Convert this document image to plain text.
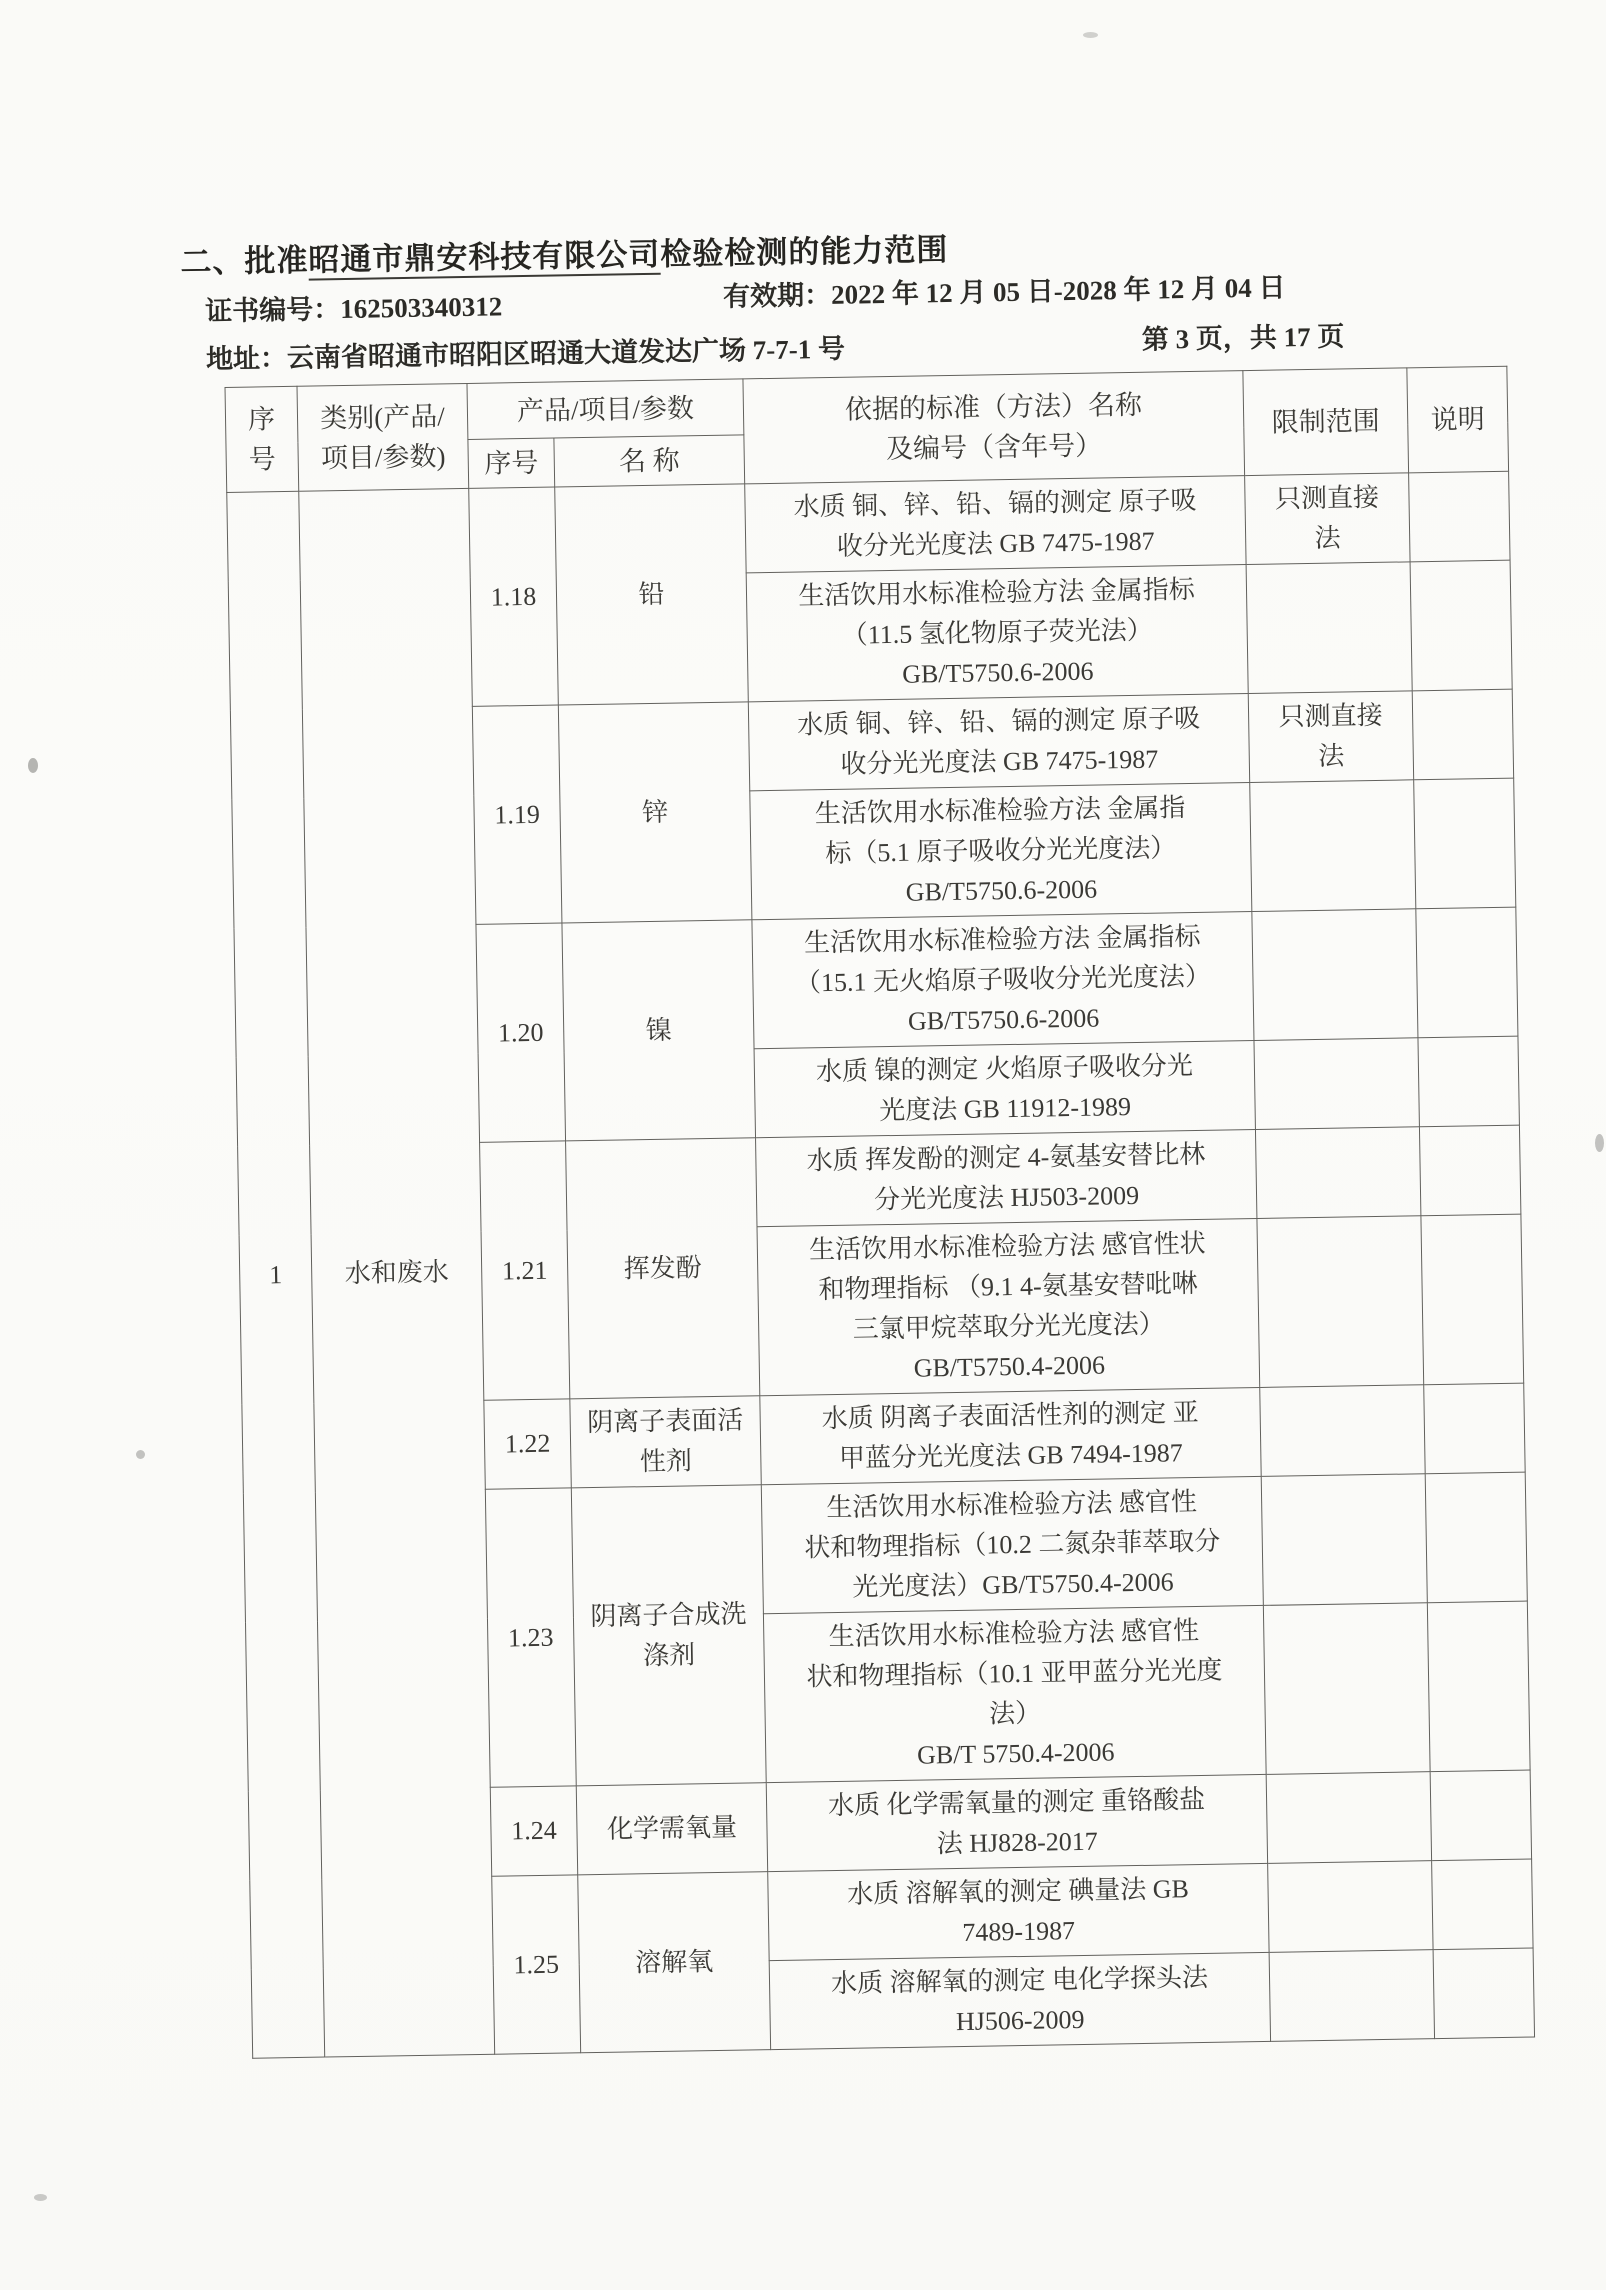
二、批准昭通市鼎安科技有限公司检验检测的能力范围
证书编号：162503340312	有效期：2022 年 12 月 05 日-2028 年 12 月 04 日
地址：云南省昭通市昭阳区昭通大道发达广场 7-7-1 号	第 3 页，共 17 页
序
号	类别(产品/
项目/参数)	产品/项目/参数		依据的标准（方法）名称
及编号（含年号）	限制范围	说明
		序号	名 称			
1	水和废水	1.18	铅	水质 铜、锌、铅、镉的测定 原子吸
收分光光度法 GB 7475-1987	只测直接
法	
				生活饮用水标准检验方法 金属指标
（11.5 氢化物原子荧光法）
GB/T5750.6-2006		
		1.19	锌	水质 铜、锌、铅、镉的测定 原子吸
收分光光度法 GB 7475-1987	只测直接
法	
				生活饮用水标准检验方法 金属指
标（5.1 原子吸收分光光度法）
GB/T5750.6-2006		
		1.20	镍	生活饮用水标准检验方法 金属指标
（15.1 无火焰原子吸收分光光度法）
GB/T5750.6-2006		
				水质 镍的测定 火焰原子吸收分光
光度法 GB 11912-1989		
		1.21	挥发酚	水质 挥发酚的测定 4-氨基安替比林
分光光度法 HJ503-2009		
				生活饮用水标准检验方法 感官性状
和物理指标 （9.1 4-氨基安替吡啉
三氯甲烷萃取分光光度法）
GB/T5750.4-2006		
		1.22	阴离子表面活性剂	水质 阴离子表面活性剂的测定 亚
甲蓝分光光度法 GB 7494-1987		
		1.23	阴离子合成洗涤剂	生活饮用水标准检验方法 感官性
状和物理指标（10.2 二氮杂菲萃取分
光光度法）GB/T5750.4-2006		
				生活饮用水标准检验方法 感官性
状和物理指标（10.1 亚甲蓝分光光度
法）
GB/T 5750.4-2006		
		1.24	化学需氧量	水质 化学需氧量的测定 重铬酸盐
法 HJ828-2017		
		1.25	溶解氧	水质 溶解氧的测定 碘量法 GB
7489-1987		
				水质 溶解氧的测定 电化学探头法
HJ506-2009		
